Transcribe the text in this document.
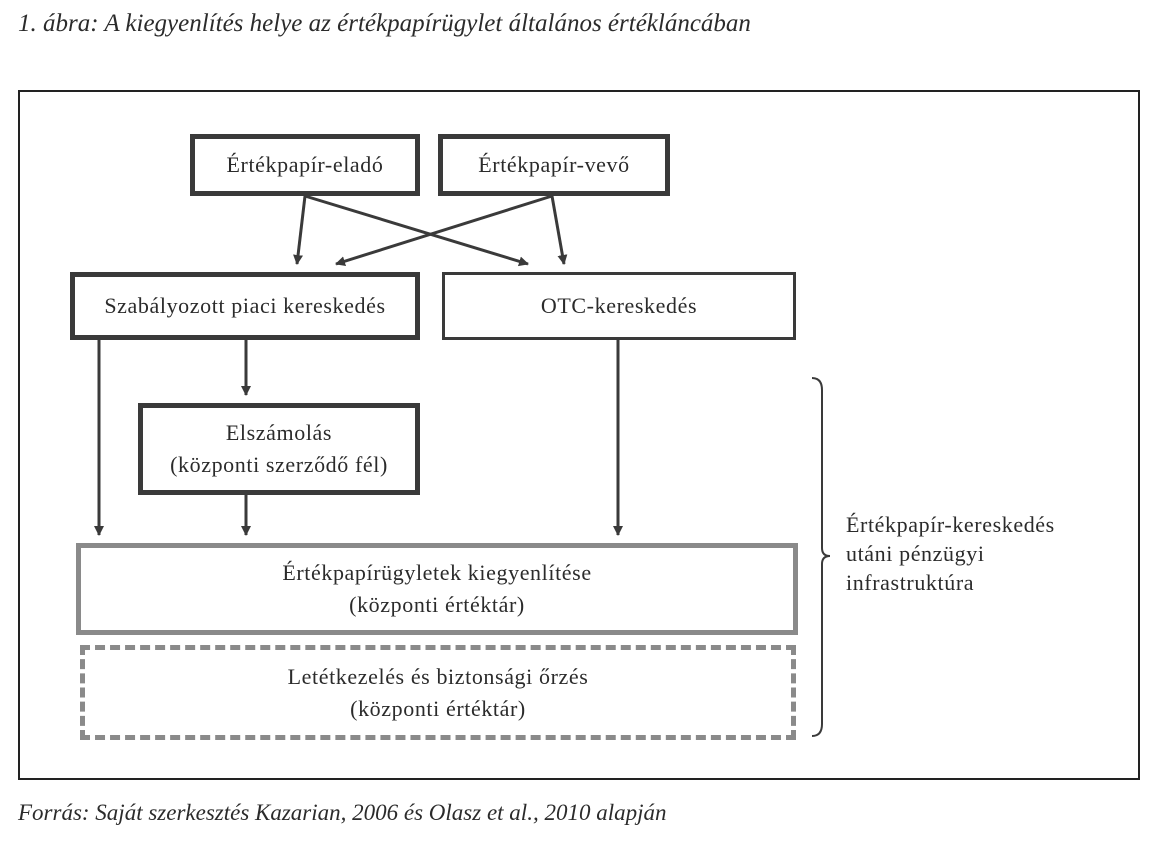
1. ábra: A kiegyenlítés helye az értékpapírügylet általános értékláncában
Értékpapír-eladó	Értékpapír-vevő
Szabályozott piaci kereskedés	OTC-kereskedés
Elszámolás
(központi szerződő fél)
Értékpapírügyletek kiegyenlítése
(központi értéktár)
Letétkezelés és biztonsági őrzés
(központi értéktár)
Értékpapír-kereskedés
utáni pénzügyi
infrastruktúra
Forrás: Saját szerkesztés Kazarian, 2006 és Olasz et al., 2010 alapján
